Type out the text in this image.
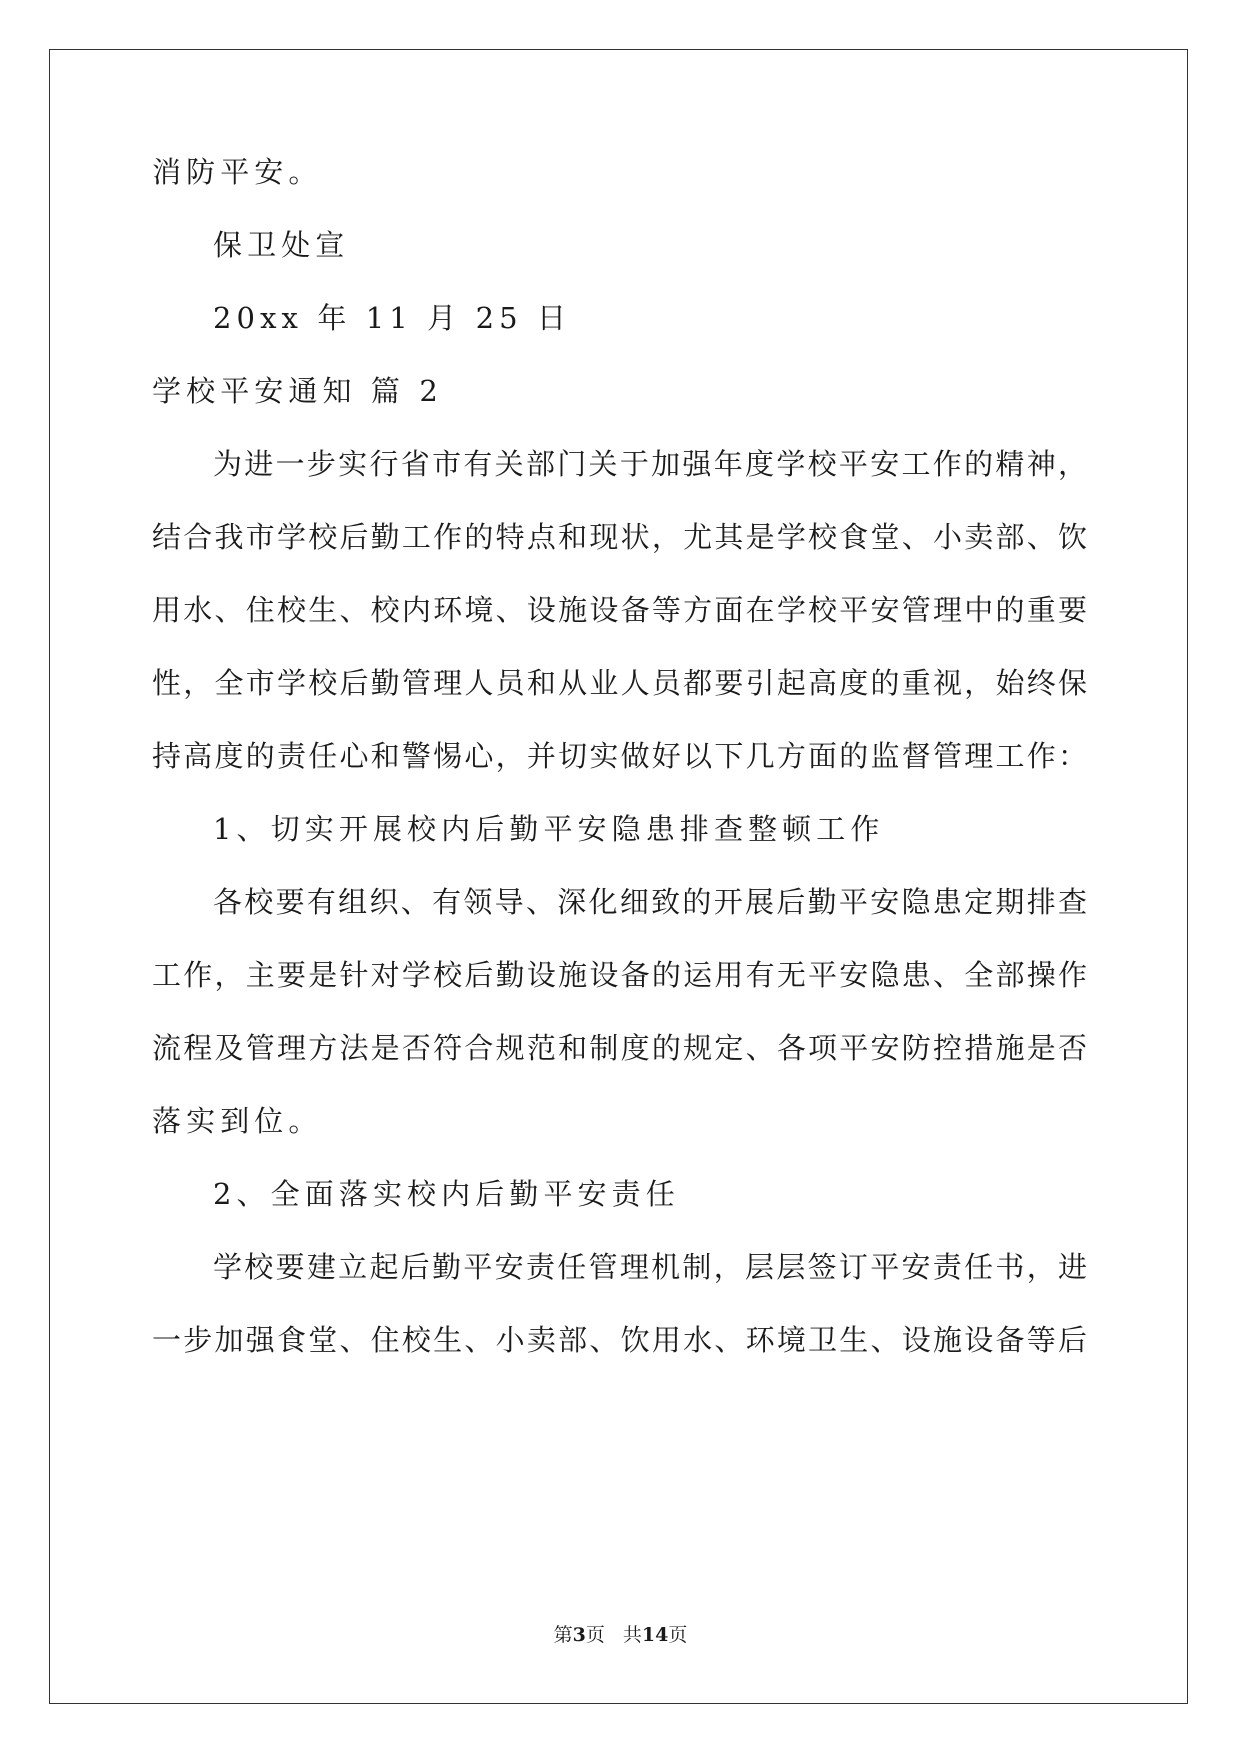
消防平安。
保卫处宣
20xx 年 11 月 25 日
学校平安通知 篇 2
为进一步实行省市有关部门关于加强年度学校平安工作的精神，
结合我市学校后勤工作的特点和现状，尤其是学校食堂、小卖部、饮
用水、住校生、校内环境、设施设备等方面在学校平安管理中的重要
性，全市学校后勤管理人员和从业人员都要引起高度的重视，始终保
持高度的责任心和警惕心，并切实做好以下几方面的监督管理工作：
1、切实开展校内后勤平安隐患排查整顿工作
各校要有组织、有领导、深化细致的开展后勤平安隐患定期排查
工作，主要是针对学校后勤设施设备的运用有无平安隐患、全部操作
流程及管理方法是否符合规范和制度的规定、各项平安防控措施是否
落实到位。
2、全面落实校内后勤平安责任
学校要建立起后勤平安责任管理机制，层层签订平安责任书，进
一步加强食堂、住校生、小卖部、饮用水、环境卫生、设施设备等后
第3页 共14页
